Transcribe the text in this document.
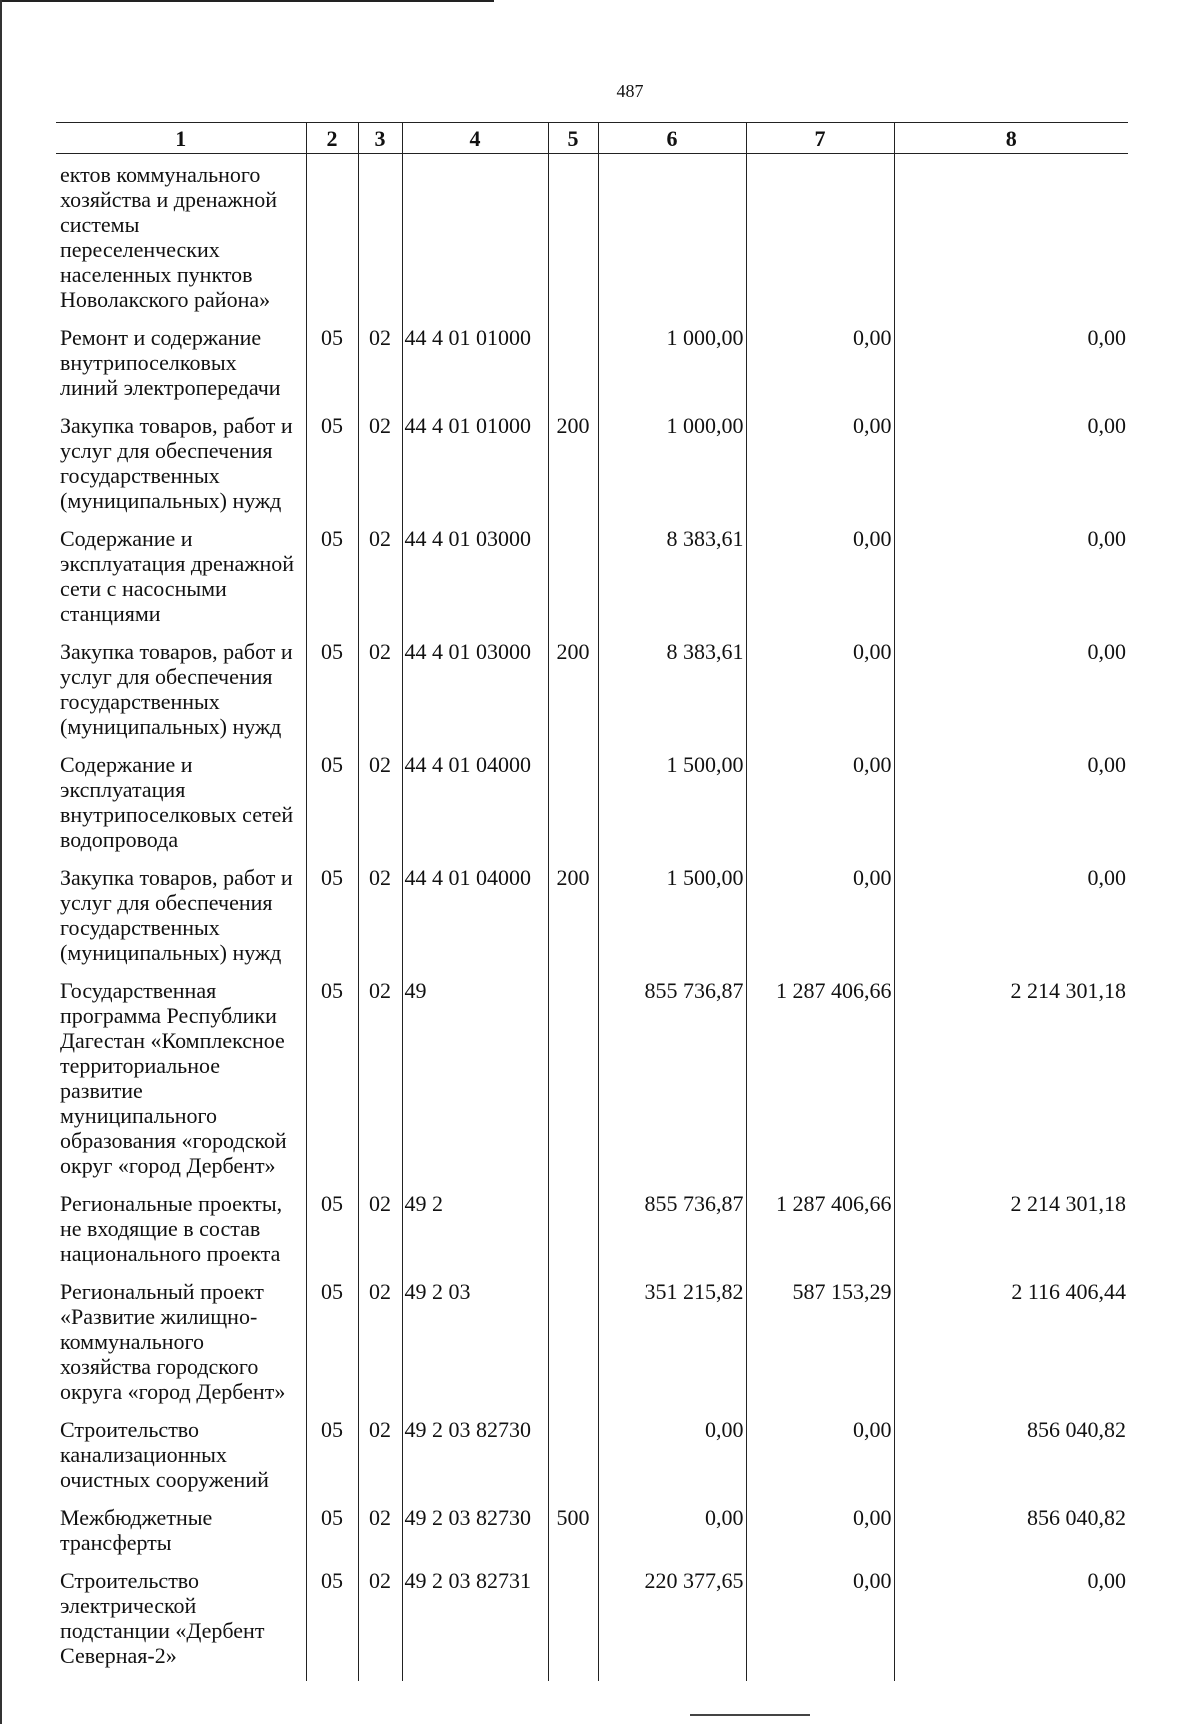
487
1	2	3	4	5	6	7	8
ектов коммунального хозяйства и дренажной системы переселенческих населенных пунктов Новолакского района»							
Ремонт и содержание внутрипоселковых линий электропередачи	05	02	44 4 01 01000		1 000,00	0,00	0,00
Закупка товаров, работ и услуг для обеспечения государственных (муниципальных) нужд	05	02	44 4 01 01000	200	1 000,00	0,00	0,00
Содержание и эксплуатация дренажной сети с насосными станциями	05	02	44 4 01 03000		8 383,61	0,00	0,00
Закупка товаров, работ и услуг для обеспечения государственных (муниципальных) нужд	05	02	44 4 01 03000	200	8 383,61	0,00	0,00
Содержание и эксплуатация внутрипоселковых сетей водопровода	05	02	44 4 01 04000		1 500,00	0,00	0,00
Закупка товаров, работ и услуг для обеспечения государственных (муниципальных) нужд	05	02	44 4 01 04000	200	1 500,00	0,00	0,00
Государственная программа Республики Дагестан «Комплексное территориальное развитие муниципального образования «городской округ «город Дербент»	05	02	49		855 736,87	1 287 406,66	2 214 301,18
Региональные проекты, не входящие в состав национального проекта	05	02	49 2		855 736,87	1 287 406,66	2 214 301,18
Региональный проект «Развитие жилищно-коммунального хозяйства городского округа «город Дербент»	05	02	49 2 03		351 215,82	587 153,29	2 116 406,44
Строительство канализационных очистных сооружений	05	02	49 2 03 82730		0,00	0,00	856 040,82
Межбюджетные трансферты	05	02	49 2 03 82730	500	0,00	0,00	856 040,82
Строительство электрической подстанции «Дербент Северная-2»	05	02	49 2 03 82731		220 377,65	0,00	0,00
